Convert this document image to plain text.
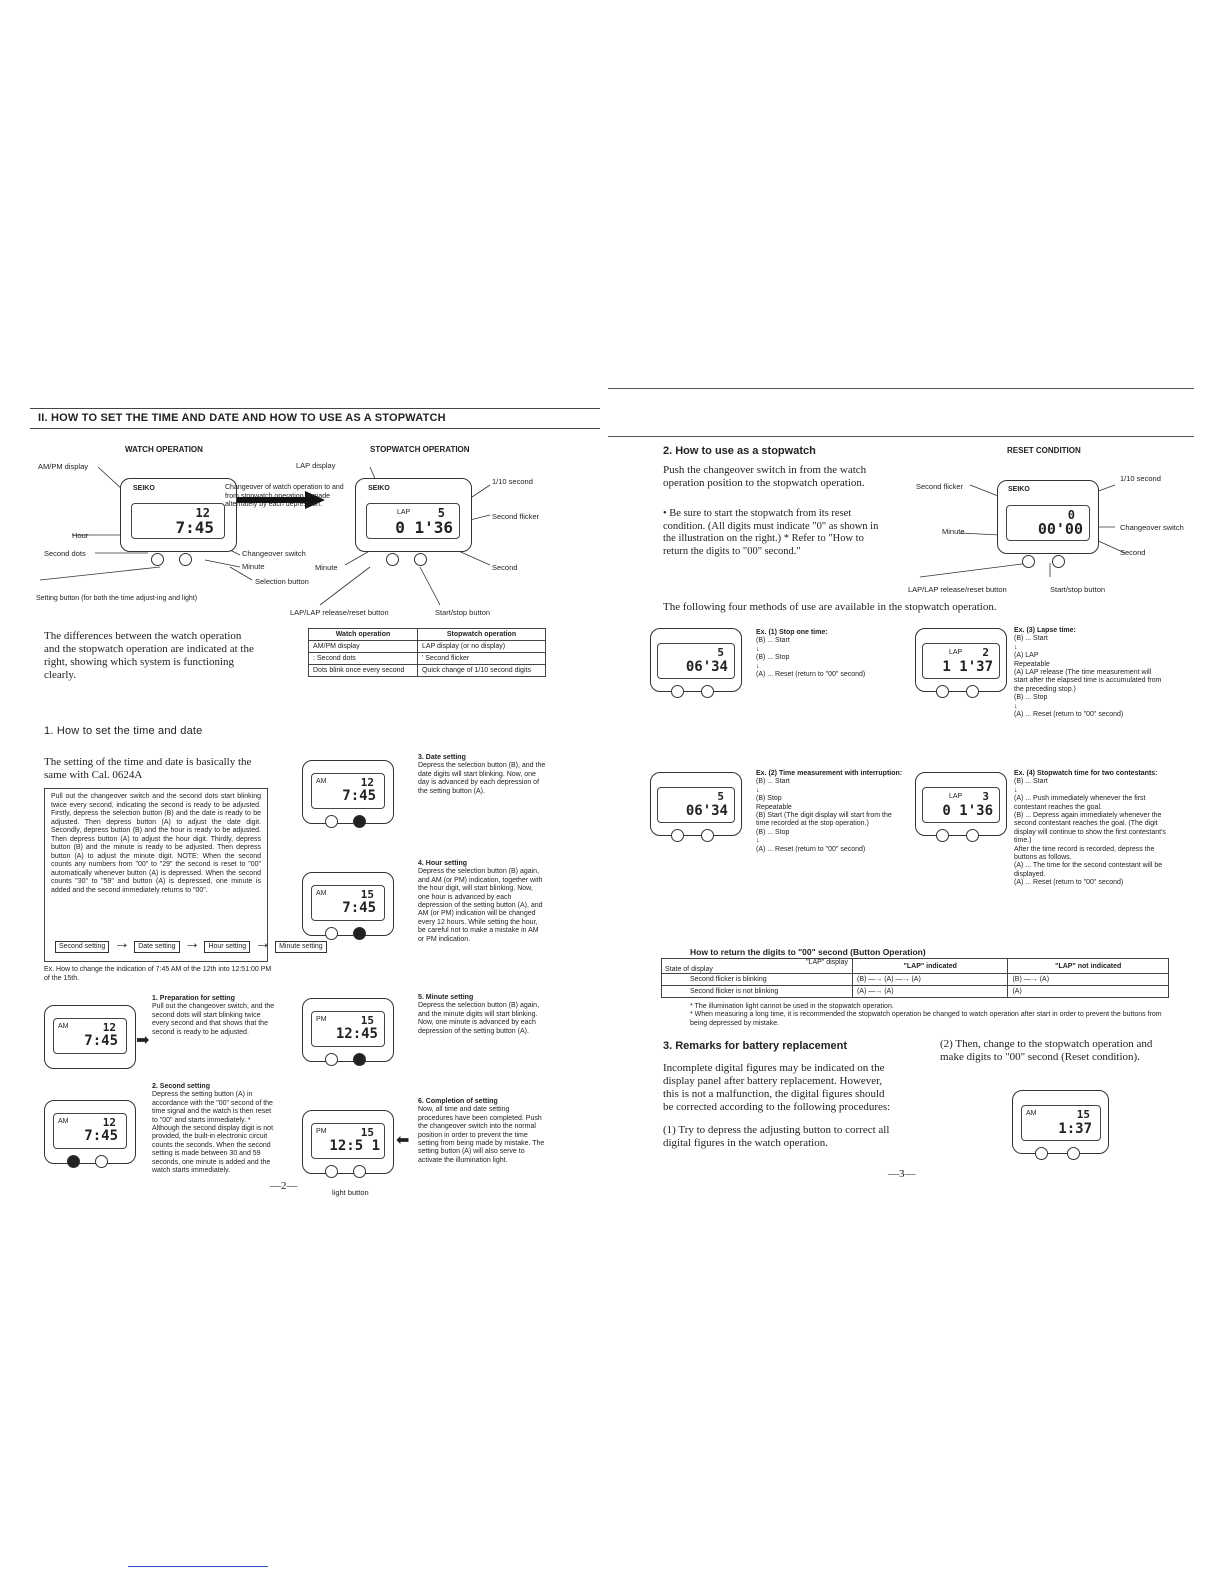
II. HOW TO SET THE TIME AND DATE AND HOW TO USE AS A STOPWATCH
WATCH OPERATION	STOPWATCH OPERATION
SEIKO
12
7:45
AM/PM display
Hour
Second dots
Setting button (for both the time adjust-ing and light)
Changeover of watch operation to and from stopwatch operation is made alternately by each depression.
Changeover switch
Minute
Selection button
SEIKO
LAP 5
0 1'36
LAP display
1/10 second
Second flicker
Second
Minute
LAP/LAP release/reset button	Start/stop button
The differences between the watch operation and the stopwatch operation are indicated at the right, showing which system is functioning clearly.
Watch operation	Stopwatch operation
AM/PM display	LAP display (or no display)
: Second dots	' Second flicker
Dots blink once every second	Quick change of 1/10 second digits
1. How to set the time and date
The setting of the time and date is basically the same with Cal. 0624A
Pull out the changeover switch and the second dots start blinking twice every second, indicating the second is ready to be adjusted. Firstly, depress the selection button (B) and the date is ready to be adjusted. Then depress button (A) to adjust the date digit. Secondly, depress button (B) and the hour is ready to be adjusted. Then depress button (A) to adjust the hour digit. Thirdly, depress button (B) and the minute is ready to be adjusted. Then depress button (A) to adjust the minute digit. NOTE: When the second counts any numbers from "00" to "29" the second is reset to "00" automatically whenever button (A) is depressed. When the second counts "30" to "59" and button (A) is depressed, one minute is added and the second immediately returns to "00".
Second setting → Date setting → Hour setting → Minute setting
Ex. How to change the indication of 7:45 AM of the 12th into 12:51:00 PM of the 15th.
AM	12
7:45 ➡
1. Preparation for setting
Pull out the changeover switch, and the second dots will start blinking twice every second and that shows that the second is ready to be adjusted.
AM	12
7:45
2. Second setting
Depress the setting button (A) in accordance with the "00" second of the time signal and the watch is then reset to "00" and starts immediately. * Although the second display digit is not provided, the built-in electronic circuit counts the seconds. When the second setting is made between 30 and 59 seconds, one minute is added and the watch starts immediately.
AM	12
7:45
3. Date setting
Depress the selection button (B), and the date digits will start blinking. Now, one day is advanced by each depression of the setting button (A).
AM	15
7:45
4. Hour setting
Depress the selection button (B) again, and AM (or PM) indication, together with the hour digit, will start blinking. Now, one hour is advanced by each depression of the setting button (A), and AM (or PM) indication will be changed every 12 hours. While setting the hour, be careful not to make a mistake in AM or PM indication.
PM	15
12:45
5. Minute setting
Depress the selection button (B) again, and the minute digits will start blinking. Now, one minute is advanced by each depression of the setting button (A).
PM	15
12:5 1 ⬅
light button
6. Completion of setting
Now, all time and date setting procedures have been completed. Push the changeover switch into the normal position in order to prevent the time setting from being made by mistake. The setting button (A) will also serve to activate the illumination light.
—2—
2. How to use as a stopwatch	RESET CONDITION
Push the changeover switch in from the watch operation position to the stopwatch operation.
• Be sure to start the stopwatch from its reset condition. (All digits must indicate "0" as shown in the illustration on the right.) * Refer to "How to return the digits to "00" second."
SEIKO
0
00'00
Second flicker
1/10 second
Changeover switch
Minute
Second
LAP/LAP release/reset button	Start/stop button
The following four methods of use are available in the stopwatch operation.
5
06'34
Ex. (1) Stop one time:
(B) ... Start
↓
(B) ... Stop
↓
(A) ... Reset (return to "00" second)
5
06'34
Ex. (2) Time measurement with interruption:
(B) ... Start
↓
(B) Stop
Repeatable
(B) Start (The digit display will start from the time recorded at the stop operation.)
(B) ... Stop
↓
(A) ... Reset (return to "00" second)
LAP 2
1 1'37
Ex. (3) Lapse time:
(B) ... Start
↓
(A) LAP
Repeatable
(A) LAP release (The time measurement will start after the elapsed time is accumulated from the preceding stop.)
(B) ... Stop
↓
(A) ... Reset (return to "00" second)
LAP 3
0 1'36
Ex. (4) Stopwatch time for two contestants:
(B) ... Start
↓
(A) ... Push immediately whenever the first contestant reaches the goal.
(B) ... Depress again immediately whenever the second contestant reaches the goal. (The digit display will continue to show the first contestant's time.)
After the time record is recorded, depress the buttons as follows.
(A) ... The time for the second contestant will be displayed.
(A) ... Reset (return to "00" second)
How to return the digits to "00" second (Button Operation)
"LAP" display
State of display	"LAP" indicated	"LAP" not indicated
Second flicker is blinking	(B) —→ (A) —→ (A)	(B) —→ (A)
Second flicker is not blinking	(A) —→ (A)	(A)
* The illumination light cannot be used in the stopwatch operation.
* When measuring a long time, it is recommended the stopwatch operation be changed to watch operation after start in order to prevent the buttons from being depressed by mistake.
3. Remarks for battery replacement
Incomplete digital figures may be indicated on the display panel after battery replacement. However, this is not a malfunction, the digital figures should be corrected according to the following procedures:
(1) Try to depress the adjusting button to correct all digital figures in the watch operation.
(2) Then, change to the stopwatch operation and make digits to "00" second (Reset condition).
AM	15
1:37
—3—
